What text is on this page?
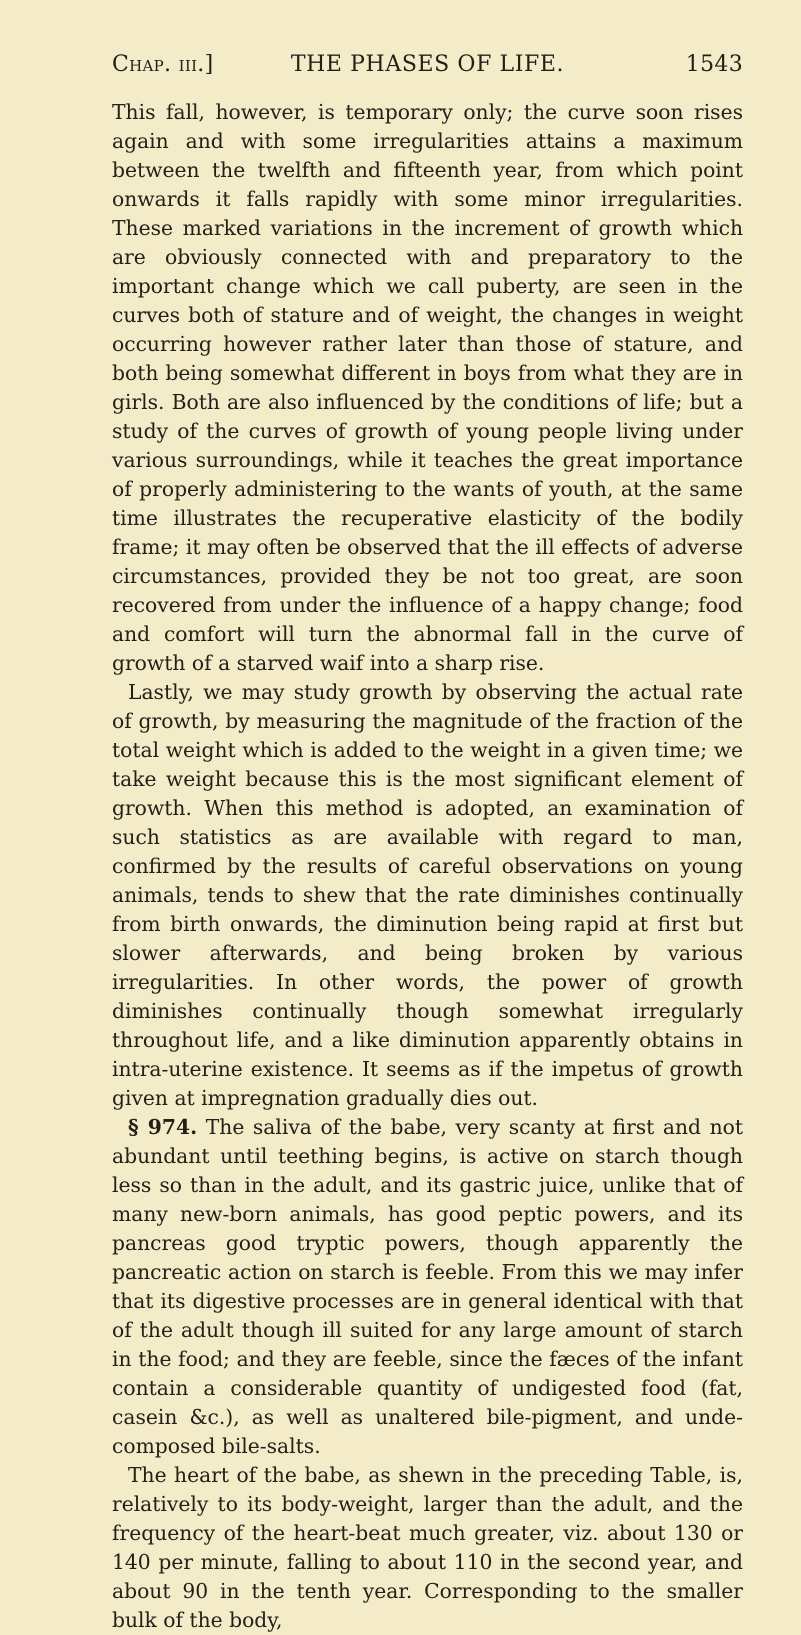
Chap. iii.]	THE PHASES OF LIFE.	1543

This fall, however, is temporary only; the curve soon rises again and with some irregularities attains a maximum between the twelfth and fifteenth year, from which point onwards it falls rapidly with some minor irregularities. These marked variations in the increment of growth which are obviously connected with and preparatory to the important change which we call puberty, are seen in the curves both of stature and of weight, the changes in weight occurring however rather later than those of stature, and both being somewhat different in boys from what they are in girls. Both are also influenced by the conditions of life; but a study of the curves of growth of young people living under various surroundings, while it teaches the great importance of properly administering to the wants of youth, at the same time illustrates the recuperative elasticity of the bodily frame; it may often be observed that the ill effects of adverse circumstances, provided they be not too great, are soon recovered from under the influence of a happy change; food and comfort will turn the abnormal fall in the curve of growth of a starved waif into a sharp rise.

Lastly, we may study growth by observing the actual rate of growth, by measuring the magnitude of the fraction of the total weight which is added to the weight in a given time; we take weight because this is the most significant element of growth. When this method is adopted, an examination of such statistics as are available with regard to man, confirmed by the results of careful observations on young animals, tends to shew that the rate diminishes continually from birth onwards, the diminution being rapid at first but slower afterwards, and being broken by various irregularities. In other words, the power of growth diminishes continually though somewhat irregularly throughout life, and a like diminution apparently obtains in intra-uterine existence. It seems as if the impetus of growth given at impregnation gradually dies out.

§ 974. The saliva of the babe, very scanty at first and not abundant until teething begins, is active on starch though less so than in the adult, and its gastric juice, unlike that of many new-born animals, has good peptic powers, and its pancreas good tryptic powers, though apparently the pancreatic action on starch is feeble. From this we may infer that its digestive processes are in general identical with that of the adult though ill suited for any large amount of starch in the food; and they are feeble, since the fæces of the infant contain a considerable quantity of undigested food (fat, casein &c.), as well as unaltered bile-pigment, and unde-composed bile-salts.

The heart of the babe, as shewn in the preceding Table, is, relatively to its body-weight, larger than the adult, and the frequency of the heart-beat much greater, viz. about 130 or 140 per minute, falling to about 110 in the second year, and about 90 in the tenth year. Corresponding to the smaller bulk of the body,
